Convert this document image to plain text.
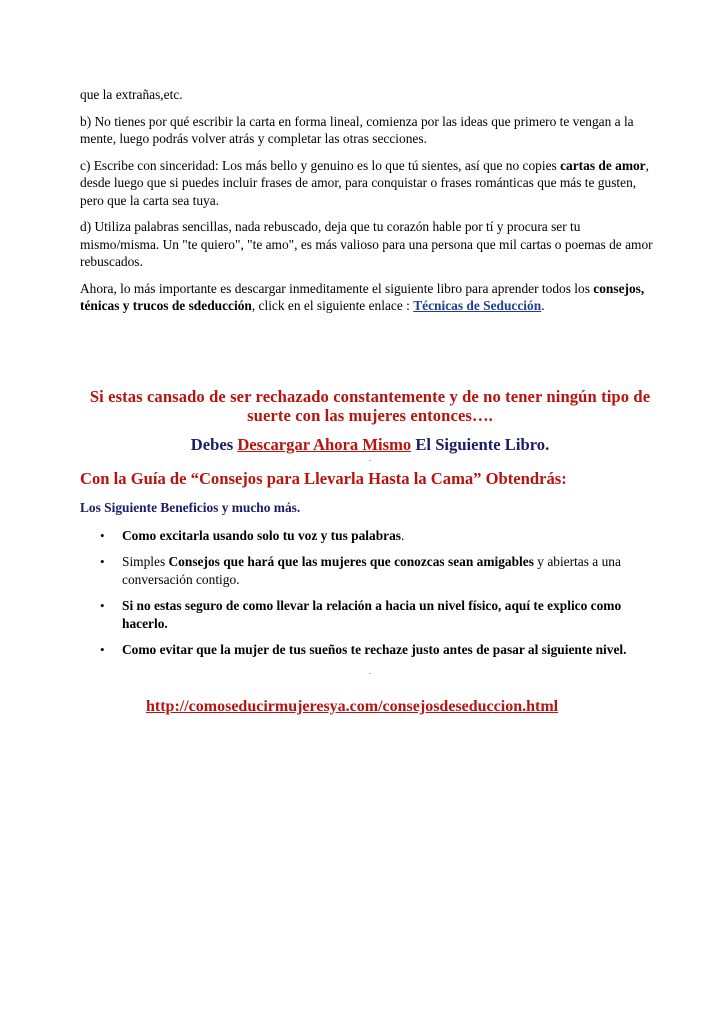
que la extrañas,etc.

b) No tienes por qué escribir la carta en forma lineal, comienza por las ideas que primero te vengan a la mente, luego podrás volver atrás y completar las otras secciones.

c) Escribe con sinceridad: Los más bello y genuino es lo que tú sientes, así que no copies cartas de amor, desde luego que si puedes incluir frases de amor, para conquistar o frases románticas que más te gusten, pero que la carta sea tuya.

d) Utiliza palabras sencillas, nada rebuscado, deja que tu corazón hable por tí y procura ser tu mismo/misma. Un "te quiero", "te amo", es más valioso para una persona que mil cartas o poemas de amor rebuscados.

Ahora, lo más importante es descargar inmeditamente el siguiente libro para aprender todos los consejos, ténicas y trucos de sdeducción, click en el siguiente enlace : Técnicas de Seducción.

Si estas cansado de ser rechazado constantemente y de no tener ningún tipo de suerte con las mujeres entonces….
Debes Descargar Ahora Mismo El Siguiente Libro.
.
Con la Guía de “Consejos para Llevarla Hasta la Cama” Obtendrás:
Los Siguiente Beneficios y mucho más.
• Como excitarla usando solo tu voz y tus palabras.
• Simples Consejos que hará que las mujeres que conozcas sean amigables y abiertas a una conversación contigo.
• Si no estas seguro de como llevar la relación a hacia un nivel físico, aquí te explico como hacerlo.
• Como evitar que la mujer de tus sueños te rechaze justo antes de pasar al siguiente nivel.
.
http://comoseducirmujeresya.com/consejosdeseduccion.html
